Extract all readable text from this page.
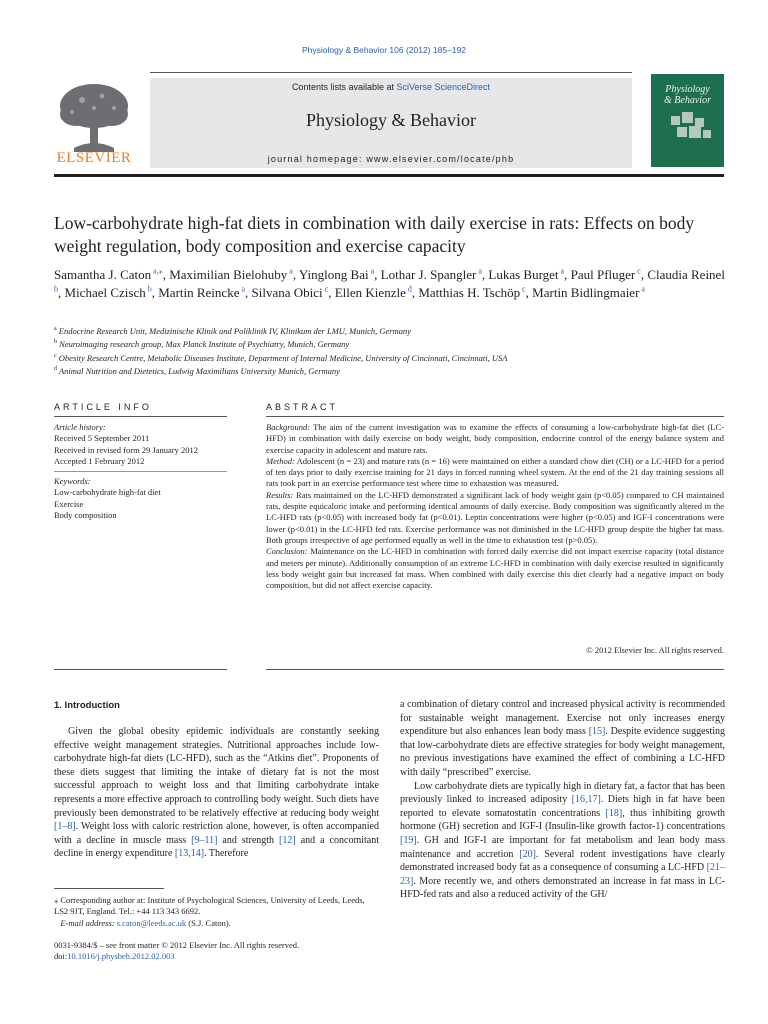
Physiology & Behavior 106 (2012) 185–192
ELSEVIER
Contents lists available at SciVerse ScienceDirect
Physiology & Behavior
journal homepage: www.elsevier.com/locate/phb
Physiology
& Behavior
Low-carbohydrate high-fat diets in combination with daily exercise in rats: Effects on body weight regulation, body composition and exercise capacity
Samantha J. Caton $^{a,⁎}$, Maximilian Bielohuby $^a$, Yinglong Bai $^a$, Lothar J. Spangler $^a$, Lukas Burget $^a$, Paul Pfluger $^c$, Claudia Reinel $^b$, Michael Czisch $^b$, Martin Reincke $^a$, Silvana Obici $^c$, Ellen Kienzle $^d$, Matthias H. Tschöp $^c$, Martin Bidlingmaier $^a$
$^a$ Endocrine Research Unit, Medizinische Klinik und Poliklinik IV, Klinikum der LMU, Munich, Germany
$^b$ Neuroimaging research group, Max Planck Institute of Psychiatry, Munich, Germany
$^c$ Obesity Research Centre, Metabolic Diseases Institute, Department of Internal Medicine, University of Cincinnati, Cincinnati, USA
$^d$ Animal Nutrition and Dietetics, Ludwig Maximilians University Munich, Germany
ARTICLE INFO	ABSTRACT
Article history:
Received 5 September 2011
Received in revised form 29 January 2012
Accepted 1 February 2012
Keywords:
Low-carbohydrate high-fat diet
Exercise
Body composition

Background: The aim of the current investigation was to examine the effects of consuming a low-carbohydrate high-fat diet (LC-HFD) in combination with daily exercise on body weight, body composition, endocrine control of the energy balance system and exercise capacity in adolescent and mature rats.

Method: Adolescent (n = 23) and mature rats (n = 16) were maintained on either a standard chow diet (CH) or a LC-HFD for a period of ten days prior to daily exercise training for 21 days in forced running wheel system. At the end of the 21 day training sessions all rats took part in an exercise performance test where time to exhaustion was measured.

Results: Rats maintained on the LC-HFD demonstrated a significant lack of body weight gain (p<0.05) compared to CH maintained rats, despite equicaloric intake and performing identical amounts of daily exercise. Body composition was significantly altered in the LC-HFD rats (p<0.05) with increased body fat (p<0.01). Leptin concentrations were higher (p<0.05) and IGF-I concentrations were lower (p<0.01) in the LC-HFD fed rats. Exercise performance was not diminished in the LC-HFD group despite the higher fat mass. Both groups irrespective of age performed equally as well in the time to exhaustion test (p>0.05).

Conclusion: Maintenance on the LC-HFD in combination with forced daily exercise did not impact exercise capacity (total distance and meters per minute). Additionally consumption of an extreme LC-HFD in combination with daily exercise resulted in significantly less body weight gain but increased fat mass. When combined with daily exercise this diet clearly had a negative impact on body composition, but did not affect exercise capacity.

© 2012 Elsevier Inc. All rights reserved.
1. Introduction

Given the global obesity epidemic individuals are constantly seeking effective weight management strategies. Nutritional approaches include low-carbohydrate high-fat diets (LC-HFD), such as the “Atkins diet”. Proponents of these diets suggest that limiting the intake of dietary fat is not the most successful approach to weight loss and that limiting carbohydrate intake represents a more effective approach to controlling body weight. Such diets have previously been demonstrated to be relatively effective at reducing body weight [1–8]. Weight loss with caloric restriction alone, however, is often accompanied with a decline in muscle mass [9–11] and strength [12] and a concomitant decline in energy expenditure [13,14]. Therefore

a combination of dietary control and increased physical activity is recommended for sustainable weight management. Exercise not only increases energy expenditure but also enhances lean body mass [15]. Despite evidence suggesting that low-carbohydrate diets are effective strategies for body weight management, no previous investigations have examined the effect of combining a LC-HFD with daily “prescribed” exercise.

Low carbohydrate diets are typically high in dietary fat, a factor that has been previously linked to increased adiposity [16,17]. Diets high in fat have been reported to elevate somatostatin concentrations [18], thus inhibiting growth hormone (GH) secretion and IGF-I (Insulin-like growth factor-1) concentrations [19]. GH and IGF-I are important for fat metabolism and lean body mass maintenance and accretion [20]. Several rodent investigations have clearly demonstrated increased body fat as a consequence of consuming a LC-HFD [21–23]. More recently we, and others demonstrated an increase in fat mass in LC-HFD-fed rats and also a reduced activity of the GH/

⁎ Corresponding author at: Institute of Psychological Sciences, University of Leeds, Leeds, LS2 9JT, England. Tel.: +44 113 343 6692.
E-mail address: s.caton@leeds.ac.uk (S.J. Caton).
0031-9384/$ – see front matter © 2012 Elsevier Inc. All rights reserved.
doi:10.1016/j.physbeh.2012.02.003
